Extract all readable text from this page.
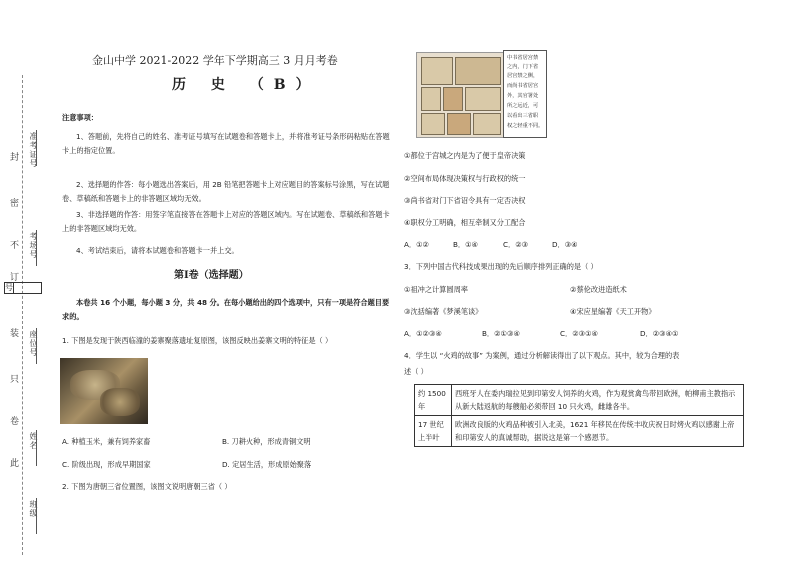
封
密
不
订
装
只
卷
此
准考证号
考场号
号
座位号
姓名
班级
金山中学 2021-2022 学年下学期高三 3 月月考卷
历 史 （B）
注意事项：
1、答题前，先将自己的姓名、准考证号填写在试题卷和答题卡上，并将准考证号条形码粘贴在答题卡上的指定位置。
2、选择题的作答：每小题选出答案后，用 2B 铅笔把答题卡上对应题目的答案标号涂黑，写在试题卷、草稿纸和答题卡上的非答题区域均无效。
3、非选择题的作答：用签字笔直接答在答题卡上对应的答题区域内。写在试题卷、草稿纸和答题卡上的非答题区域均无效。
4、考试结束后，请将本试题卷和答题卡一并上交。
第Ⅰ卷（选择题）
本卷共 16 个小题，每小题 3 分，共 48 分。在每小题给出的四个选项中，只有一项是符合题目要求的。
1. 下图是发现于陕西临潼的姜寨聚落遗址复原图，该图反映出姜寨文明的特征是（ ）
A. 种植玉米，兼有饲养家畜	B. 刀耕火种，形成青铜文明
C. 阶级出现，形成早期国家	D. 定居生活，形成原始聚落
2. 下图为唐朝三省位置图，该图文说明唐朝三省（ ）
中书省居宫禁
之内，门下省
居宫禁之侧，
而尚书省居宫
外，其官署处
所之远近，可
以看出三省职
权之轻重不同。
①都位于宫城之内是为了便于皇帝决策
②空间布局体现决策权与行政权的统一
③尚书省对门下省诏令具有一定否决权
④职权分工明确，相互牵制又分工配合
A．①②	B．①④	C．②③	D．③④
3．下列中国古代科技成果出现的先后顺序排列正确的是（ ）
①祖冲之计算圆周率	②蔡伦改进造纸术
③沈括编著《梦溪笔谈》	④宋应星编著《天工开物》
A．①②③④	B．②①③④	C．②③①④	D．②③④①
4．学生以 “火鸡的故事” 为案例，通过分析解读得出了以下观点。其中，较为合理的表
述（ ）
约 1500 年	西班牙人在委内瑞拉见到印第安人饲养的火鸡，作为观赏禽鸟带回欧洲，帕柳甫主教指示从新大陆返航的每艘船必须带回 10 只火鸡，雌雄各半。
17 世纪上半叶	欧洲改良版的火鸡品种被引入北美，1621 年移民在传统丰收庆祝日时烤火鸡以感谢上帝和印第安人的真诚帮助，据说这是第一个感恩节。
